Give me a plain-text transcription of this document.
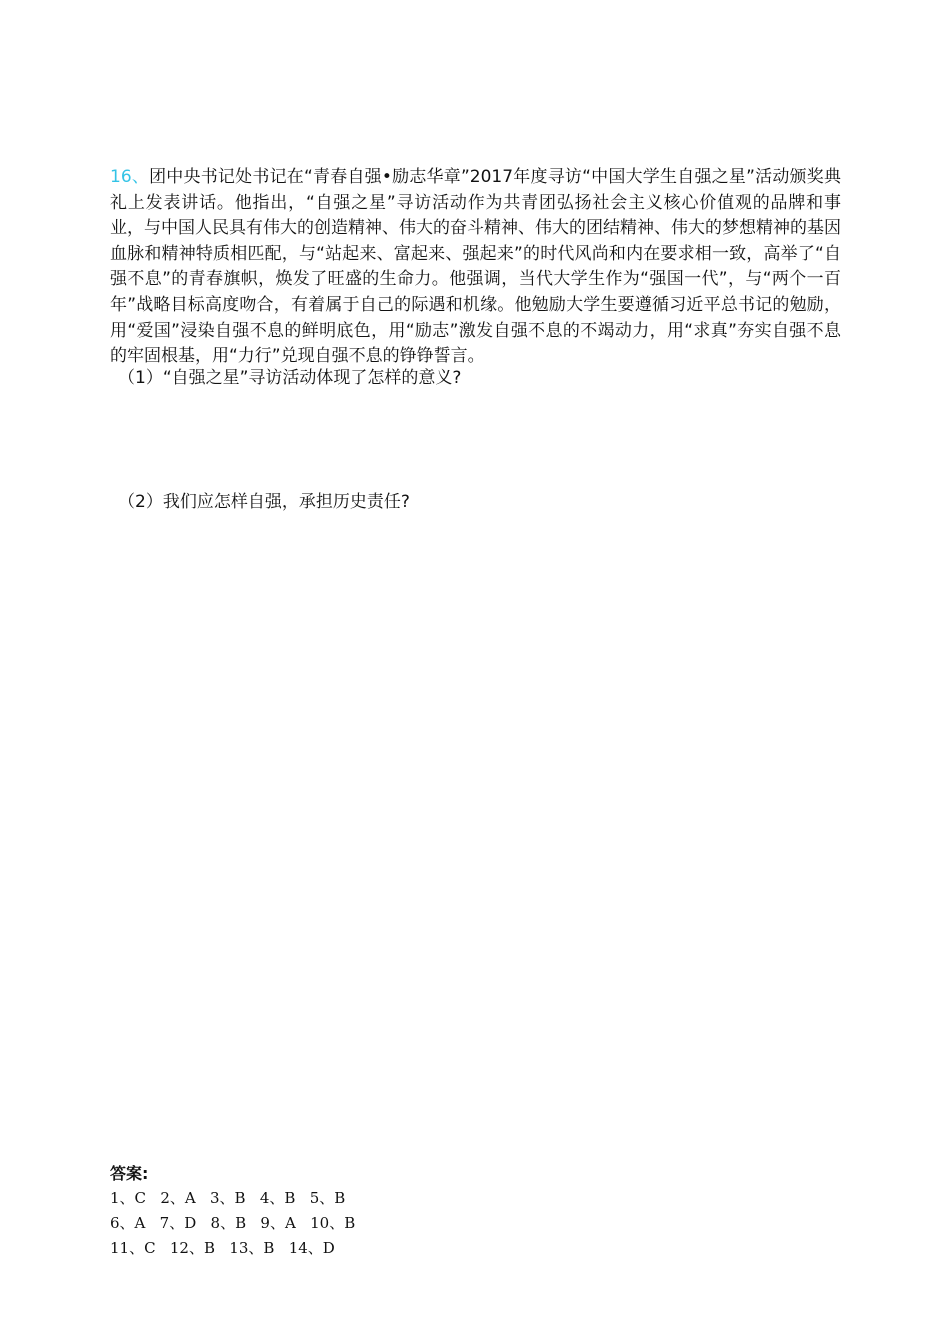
16、团中央书记处书记在“青春自强•励志华章”2017年度寻访“中国大学生自强之星”活动颁奖典礼上发表讲话。他指出，“自强之星”寻访活动作为共青团弘扬社会主义核心价值观的品牌和事业，与中国人民具有伟大的创造精神、伟大的奋斗精神、伟大的团结精神、伟大的梦想精神的基因血脉和精神特质相匹配，与“站起来、富起来、强起来”的时代风尚和内在要求相一致，高举了“自强不息”的青春旗帜，焕发了旺盛的生命力。他强调，当代大学生作为“强国一代”，与“两个一百年”战略目标高度吻合，有着属于自己的际遇和机缘。他勉励大学生要遵循习近平总书记的勉励，用“爱国”浸染自强不息的鲜明底色，用“励志”激发自强不息的不竭动力，用“求真”夯实自强不息的牢固根基，用“力行”兑现自强不息的铮铮誓言。
（1）“自强之星”寻访活动体现了怎样的意义?
（2）我们应怎样自强，承担历史责任?
答案:
1、C   2、A   3、B   4、B   5、B
6、A   7、D   8、B   9、A   10、B
11、C   12、B   13、B   14、D
